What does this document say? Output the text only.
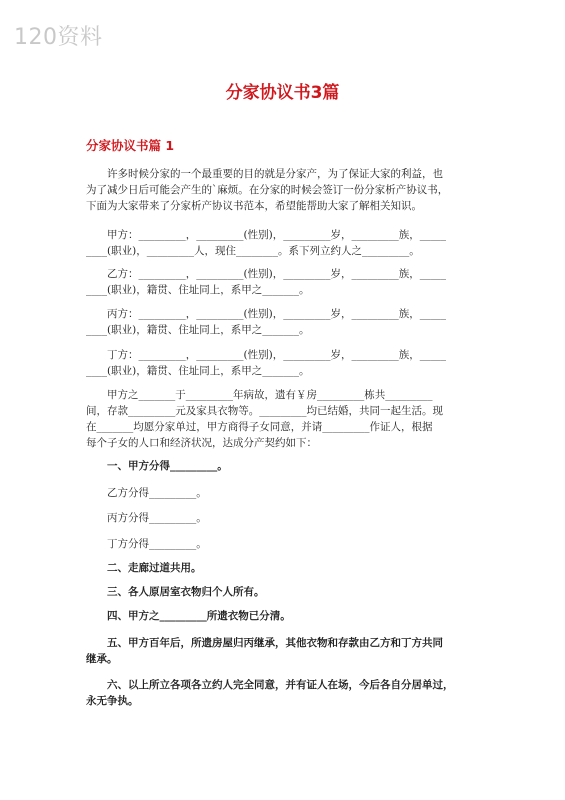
120资料
分家协议书3篇
分家协议书篇 1
许多时候分家的一个最重要的目的就是分家产，为了保证大家的利益，也
为了减少日后可能会产生的`麻烦。在分家的时候会签订一份分家析产协议书，
下面为大家带来了分家析产协议书范本，希望能帮助大家了解相关知识。
甲方：_________，_________(性别)，_________岁，_________族，_____
____(职业)，_________人，现住________。系下列立约人之_________。
乙方：_________，_________(性别)，_________岁，_________族，_____
____(职业)，籍贯、住址同上，系甲之_______。
丙方：_________，_________(性别)，_________岁，_________族，_____
____(职业)，籍贯、住址同上，系甲之_______。
丁方：_________，_________(性别)，_________岁，_________族，_____
____(职业)，籍贯、住址同上，系甲之_______。
甲方之_______于_________年病故，遗有￥房_________栋共_________
间，存款_________元及家具衣物等。_________均已结婚，共同一起生活。现
在_______均愿分家单过，甲方商得子女同意，并请_________作证人，根据
每个子女的人口和经济状况，达成分产契约如下：
一、甲方分得_________。
乙方分得_________。
丙方分得_________。
丁方分得_________。
二、走廊过道共用。
三、各人原居室衣物归个人所有。
四、甲方之_________所遗衣物已分清。
五、甲方百年后，所遗房屋归丙继承，其他衣物和存款由乙方和丁方共同
继承。
六、以上所立各项各立约人完全同意，并有证人在场，今后各自分居单过，
永无争执。
